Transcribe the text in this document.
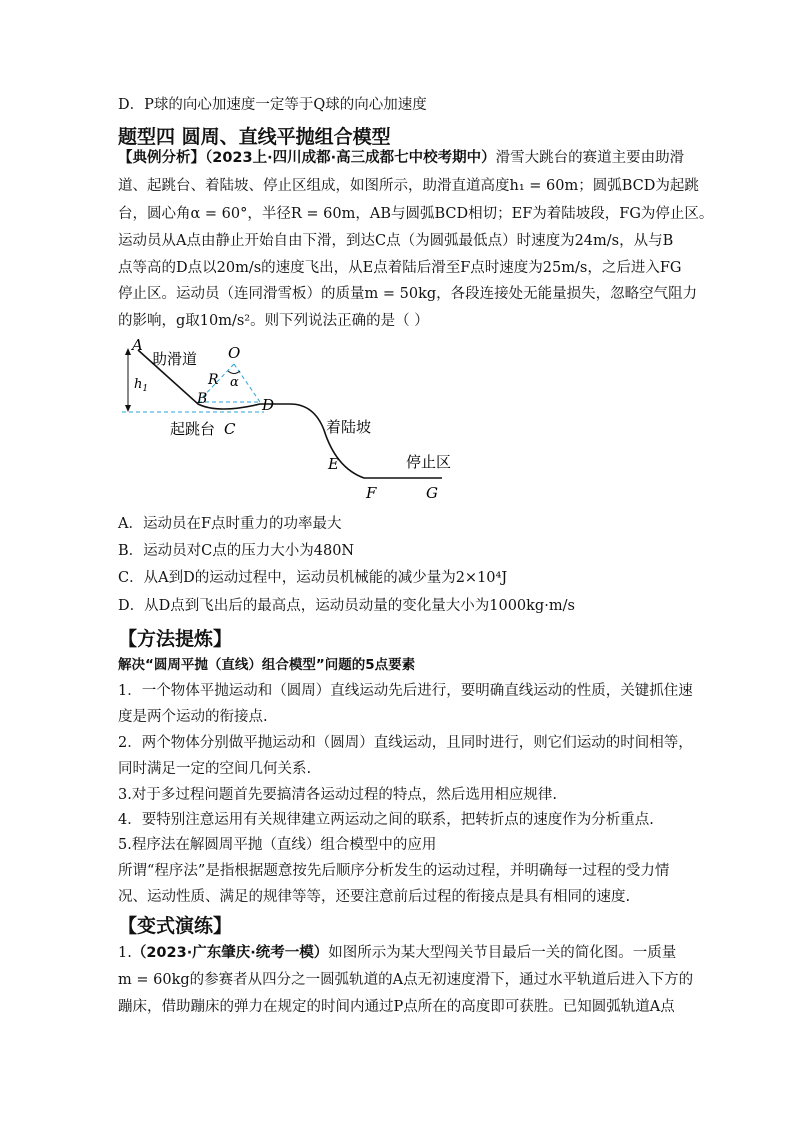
D．P球的向心加速度一定等于Q球的向心加速度
题型四 圆周、直线平抛组合模型
【典例分析】（2023上·四川成都·高三成都七中校考期中）滑雪大跳台的赛道主要由助滑
道、起跳台、着陆坡、停止区组成，如图所示，助滑直道高度h₁ = 60m；圆弧BCD为起跳
台，圆心角α = 60°，半径R = 60m，AB与圆弧BCD相切；EF为着陆坡段，FG为停止区。
运动员从A点由静止开始自由下滑，到达C点（为圆弧最低点）时速度为24m/s，从与B
点等高的D点以20m/s的速度飞出，从E点着陆后滑至F点时速度为25m/s，之后进入FG
停止区。运动员（连同滑雪板）的质量m = 50kg，各段连接处无能量损失，忽略空气阻力
的影响，g取10m/s²。则下列说法正确的是（ ）
A
助滑道 O
α
R
$h_1$
B	D
起跳台 C	着陆坡
E	停止区
F	G
A．运动员在F点时重力的功率最大
B．运动员对C点的压力大小为480N
C．从A到D的运动过程中，运动员机械能的减少量为2×10⁴J
D．从D点到飞出后的最高点，运动员动量的变化量大小为1000kg·m/s
【方法提炼】
解决“圆周平抛（直线）组合模型”问题的5点要素
1．一个物体平抛运动和（圆周）直线运动先后进行，要明确直线运动的性质，关键抓住速
度是两个运动的衔接点.
2．两个物体分别做平抛运动和（圆周）直线运动，且同时进行，则它们运动的时间相等，
同时满足一定的空间几何关系.
3.对于多过程问题首先要搞清各运动过程的特点，然后选用相应规律.
4．要特别注意运用有关规律建立两运动之间的联系，把转折点的速度作为分析重点.
5.程序法在解圆周平抛（直线）组合模型中的应用
所谓“程序法”是指根据题意按先后顺序分析发生的运动过程，并明确每一过程的受力情
况、运动性质、满足的规律等等，还要注意前后过程的衔接点是具有相同的速度.
【变式演练】
1.（2023·广东肇庆·统考一模）如图所示为某大型闯关节目最后一关的简化图。一质量
m = 60kg的参赛者从四分之一圆弧轨道的A点无初速度滑下，通过水平轨道后进入下方的
蹦床，借助蹦床的弹力在规定的时间内通过P点所在的高度即可获胜。已知圆弧轨道A点
